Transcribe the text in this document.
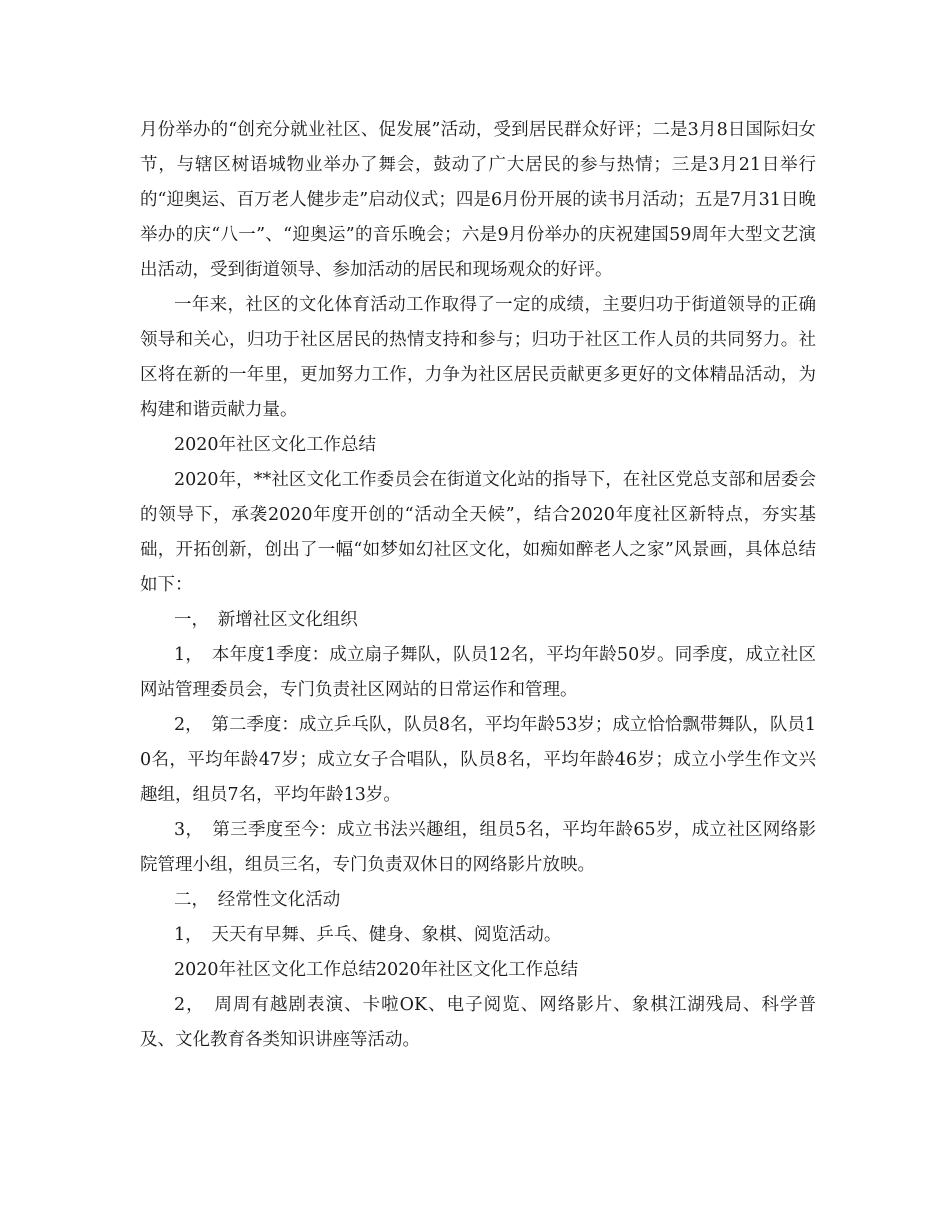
月份举办的“创充分就业社区、促发展”活动，受到居民群众好评；二是3月8日国际妇女节，与辖区树语城物业举办了舞会，鼓动了广大居民的参与热情；三是3月21日举行的“迎奥运、百万老人健步走”启动仪式；四是6月份开展的读书月活动；五是7月31日晚举办的庆“八一”、“迎奥运”的音乐晚会；六是9月份举办的庆祝建国59周年大型文艺演出活动，受到街道领导、参加活动的居民和现场观众的好评。

一年来，社区的文化体育活动工作取得了一定的成绩，主要归功于街道领导的正确领导和关心，归功于社区居民的热情支持和参与；归功于社区工作人员的共同努力。社区将在新的一年里，更加努力工作，力争为社区居民贡献更多更好的文体精品活动，为构建和谐贡献力量。

2020年社区文化工作总结

2020年，**社区文化工作委员会在街道文化站的指导下，在社区党总支部和居委会的领导下，承袭2020年度开创的“活动全天候”，结合2020年度社区新特点，夯实基础，开拓创新，创出了一幅“如梦如幻社区文化，如痴如醉老人之家”风景画，具体总结如下：

一，　新增社区文化组织

1，　本年度1季度：成立扇子舞队，队员12名，平均年龄50岁。同季度，成立社区网站管理委员会，专门负责社区网站的日常运作和管理。

2，　第二季度：成立乒乓队，队员8名，平均年龄53岁；成立恰恰飘带舞队，队员10名，平均年龄47岁；成立女子合唱队，队员8名，平均年龄46岁；成立小学生作文兴趣组，组员7名，平均年龄13岁。

3，　第三季度至今：成立书法兴趣组，组员5名，平均年龄65岁，成立社区网络影院管理小组，组员三名，专门负责双休日的网络影片放映。

二，　经常性文化活动

1，　天天有早舞、乒乓、健身、象棋、阅览活动。

2020年社区文化工作总结2020年社区文化工作总结

2，　周周有越剧表演、卡啦OK、电子阅览、网络影片、象棋江湖残局、科学普及、文化教育各类知识讲座等活动。
